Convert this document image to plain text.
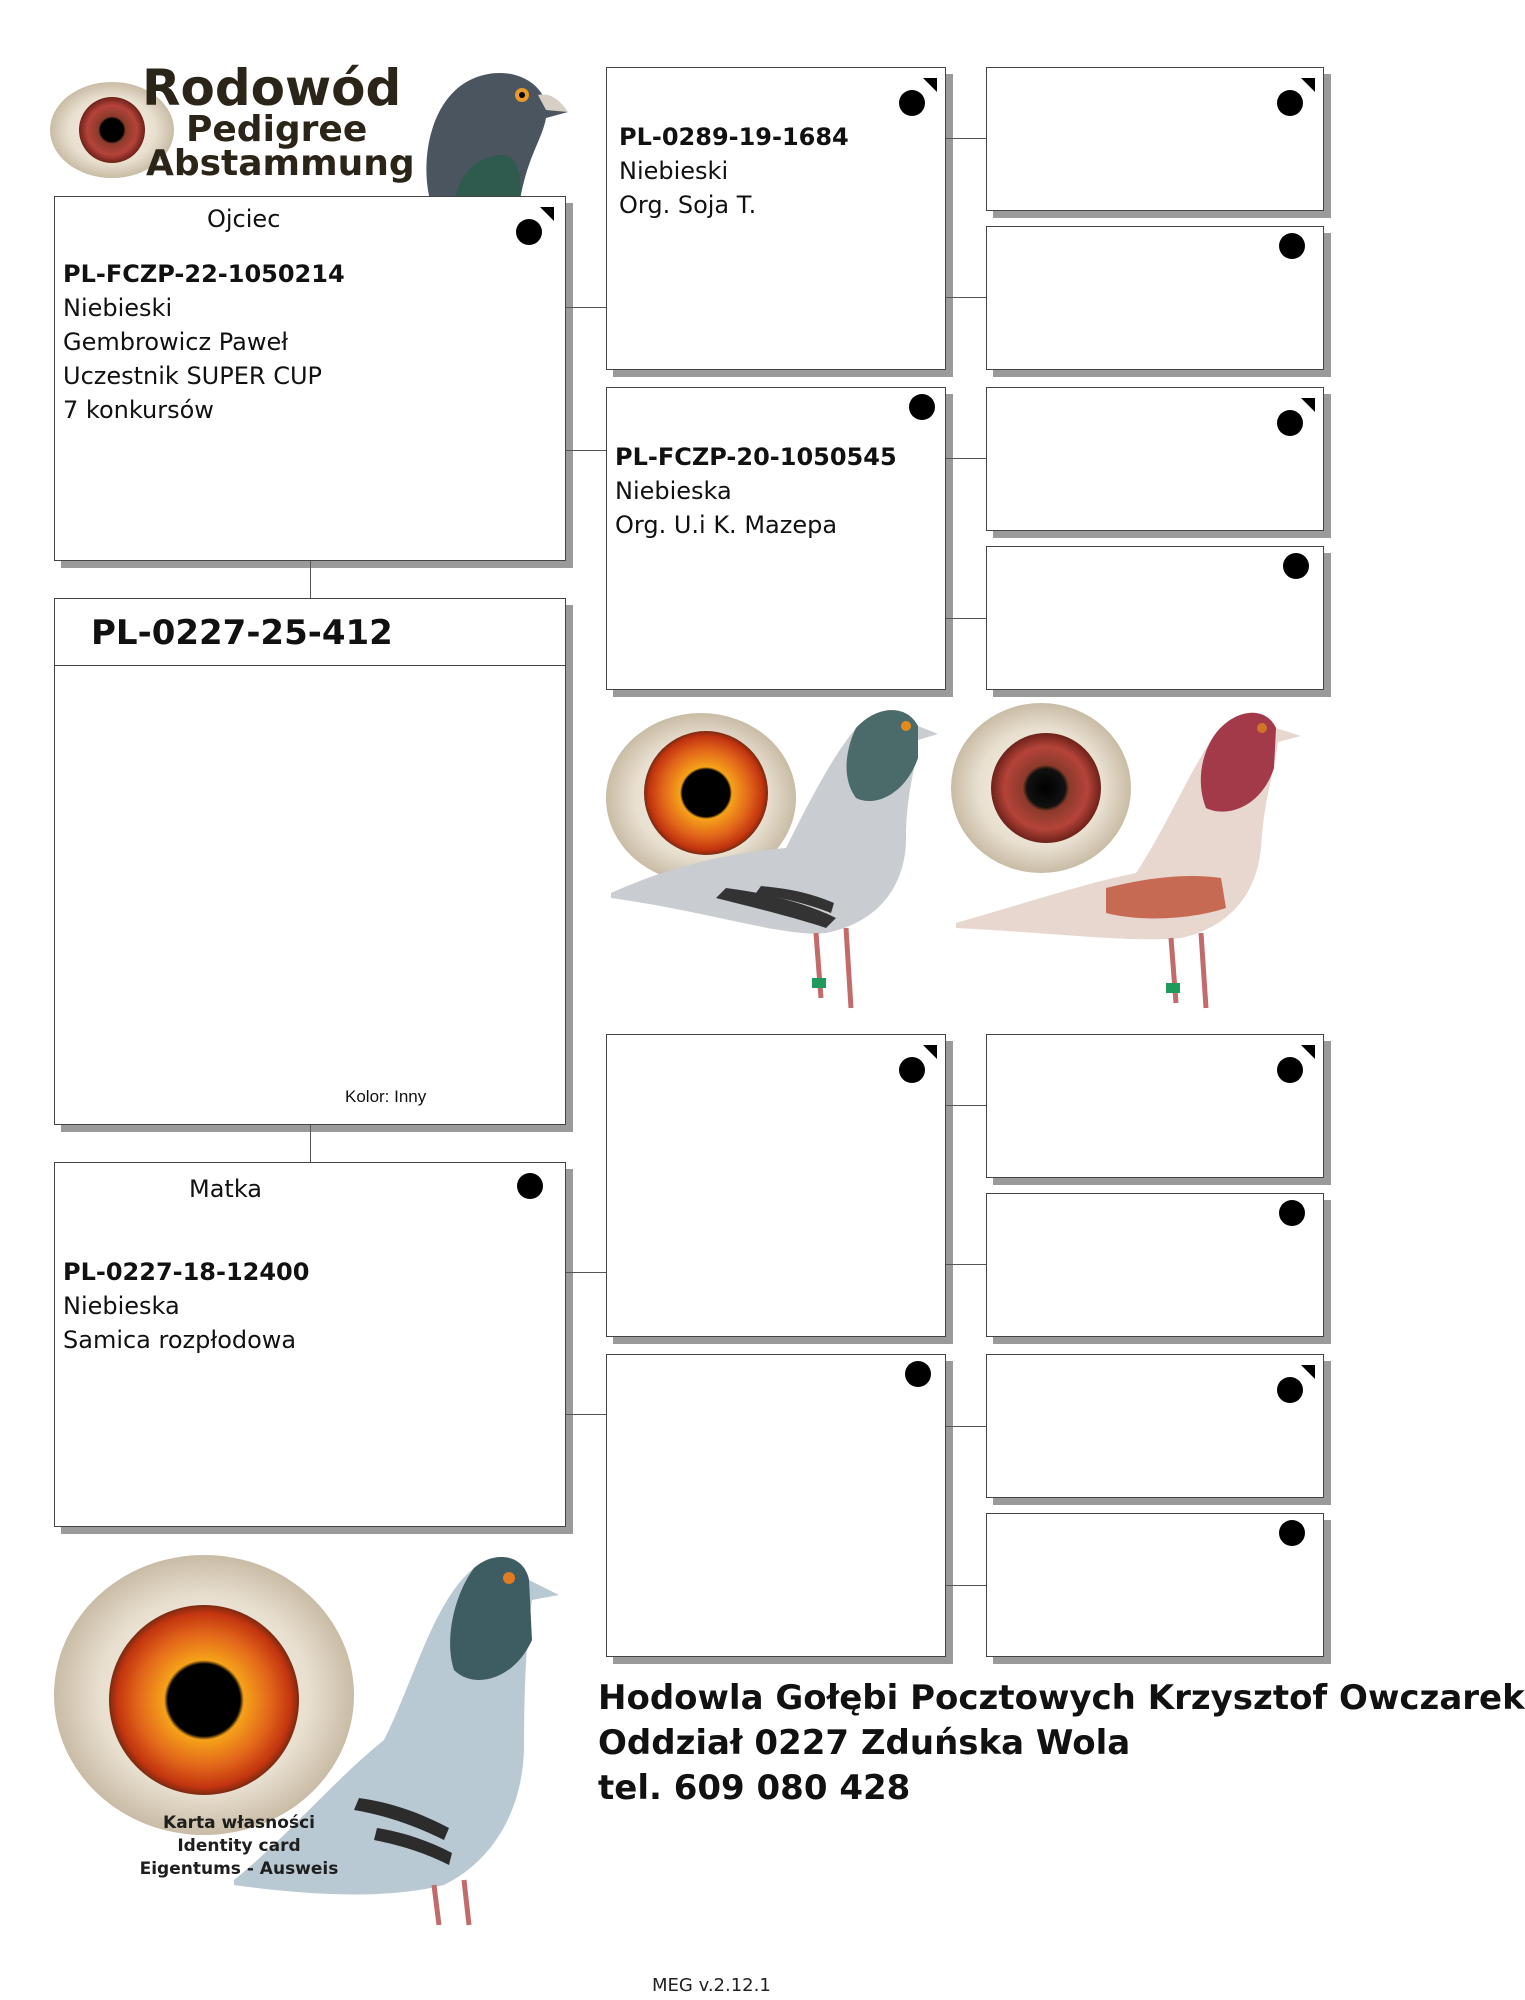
Rodowód
Pedigree
Abstammung
Ojciec
PL-FCZP-22-1050214
Niebieski
Gembrowicz Paweł
Uczestnik SUPER CUP
7 konkursów
PL-0227-25-412
Kolor: Inny
Matka
PL-0227-18-12400
Niebieska
Samica rozpłodowa
PL-0289-19-1684
Niebieski
Org. Soja T.
PL-FCZP-20-1050545
Niebieska
Org. U.i K. Mazepa
Karta własności
Identity card
Eigentums - Ausweis
Hodowla Gołębi Pocztowych Krzysztof Owczarek
Oddział 0227 Zduńska Wola
tel. 609 080 428
MEG v.2.12.1
